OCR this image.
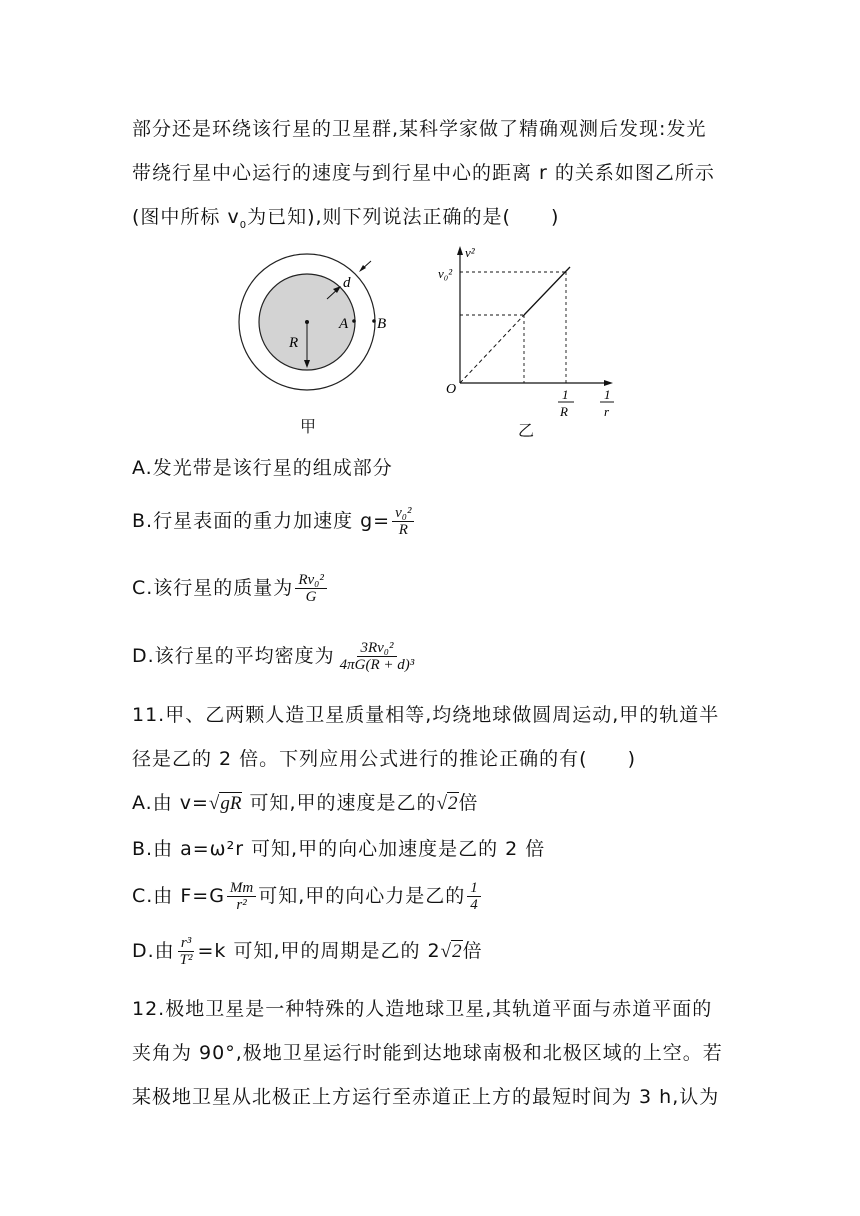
部分还是环绕该行星的卫星群,某科学家做了精确观测后发现:发光
带绕行星中心运行的速度与到行星中心的距离 r 的关系如图乙所示
(图中所标 $v_0$为已知),则下列说法正确的是(　　)
d
A B
R
甲
v²
v₀²
O	1
R
1
r
乙
A.发光带是该行星的组成部分
B.行星表面的重力加速度 $g= \frac{\text{v₀²}}{R}$
C.该行星的质量为 $\frac{\text{Rv₀²}}{G}$
D.该行星的平均密度为 $\frac{\text{3Rv₀²}}{\text{4πG(R + d)³}}$
11.甲、乙两颗人造卫星质量相等,均绕地球做圆周运动,甲的轨道半
径是乙的 2 倍。下列应用公式进行的推论正确的有(　　)
A.由 v=√gR 可知,甲的速度是乙的√2倍
B.由 a=ω²r 可知,甲的向心加速度是乙的 2 倍
C.由 $F=G \frac{Mm}{\text{r²}}$ 可知,甲的向心力是乙的 $\frac{1}{4}$
D.由 $\frac{\text{r³}}{\text{T²}} =k$ 可知,甲的周期是乙的 2√2倍
12.极地卫星是一种特殊的人造地球卫星,其轨道平面与赤道平面的
夹角为 90°,极地卫星运行时能到达地球南极和北极区域的上空。若
某极地卫星从北极正上方运行至赤道正上方的最短时间为 3 h,认为
